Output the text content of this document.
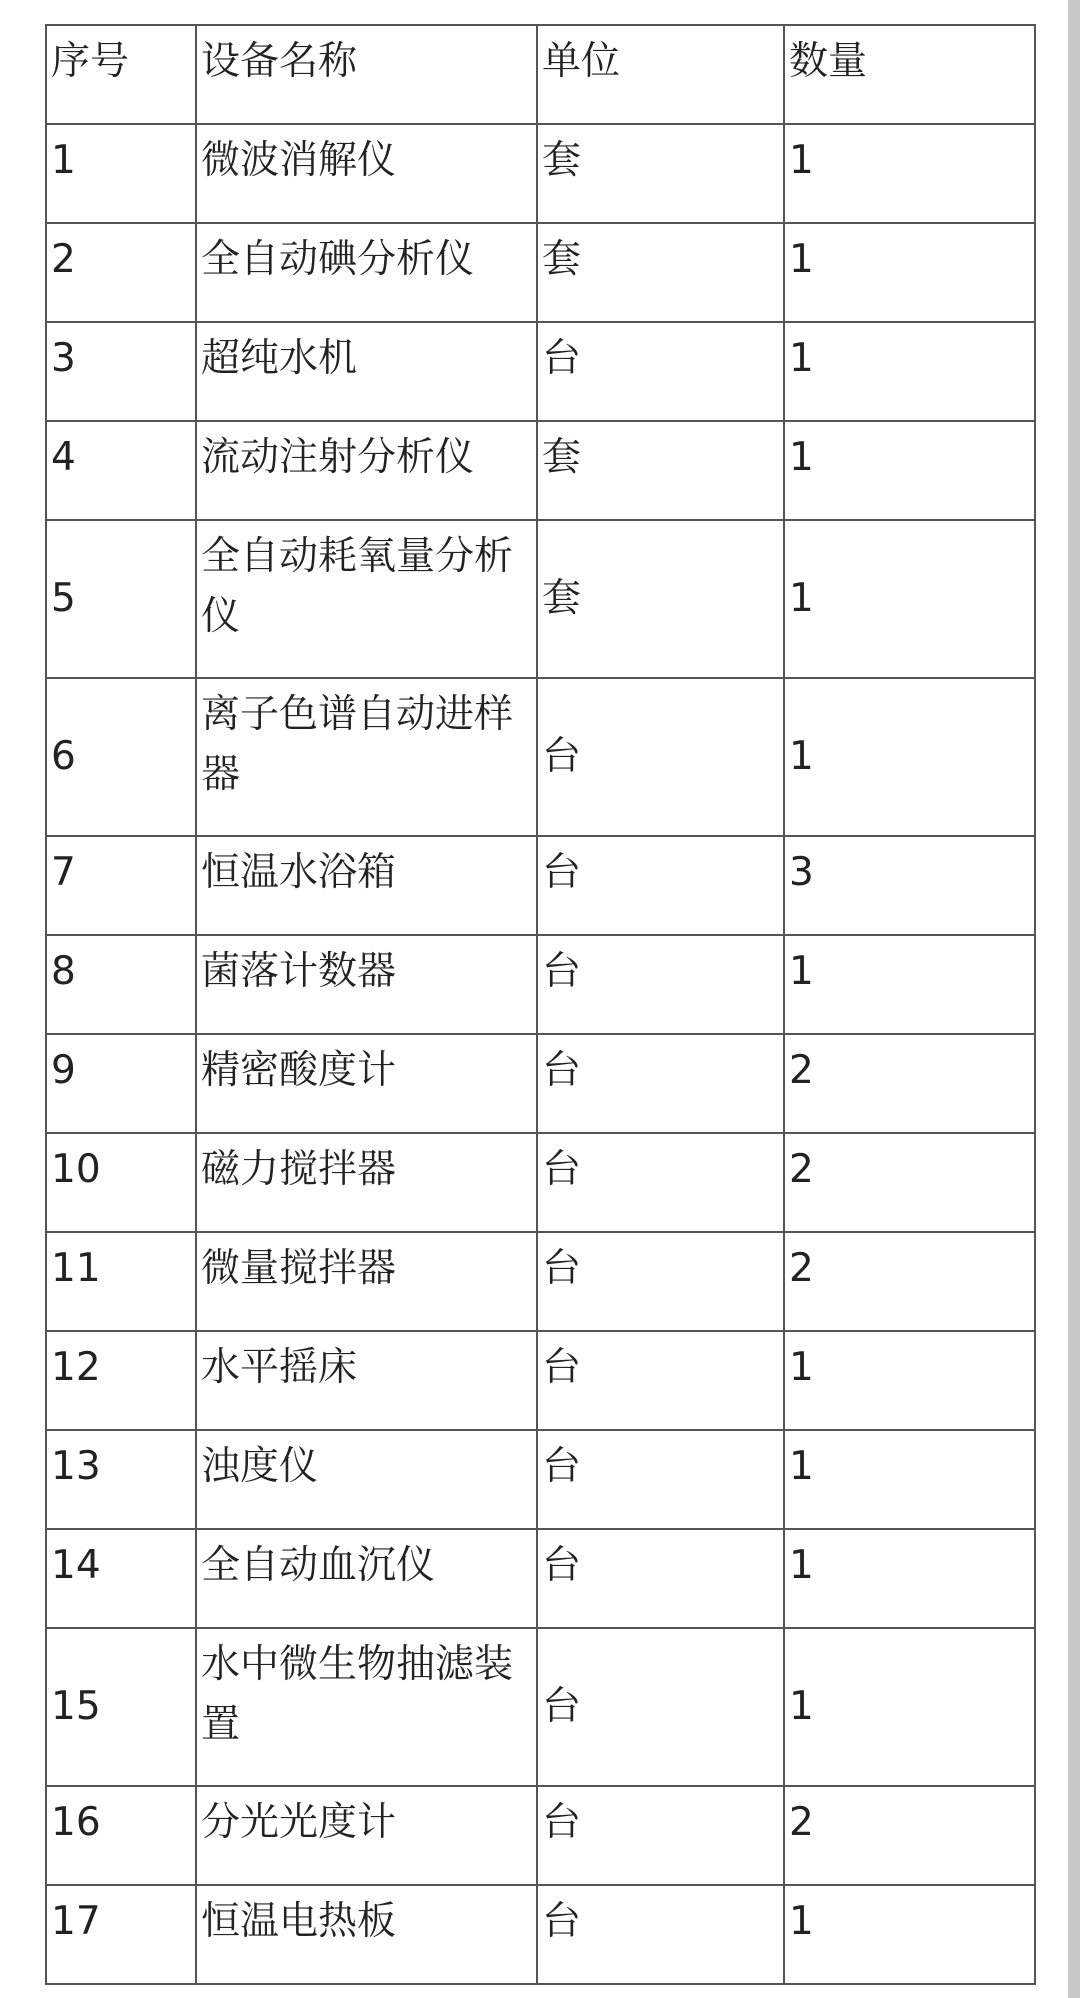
序号	设备名称	单位	数量
1	微波消解仪	套	1
2	全自动碘分析仪	套	1
3	超纯水机	台	1
4	流动注射分析仪	套	1
5	全自动耗氧量分析仪	套	1
6	离子色谱自动进样器	台	1
7	恒温水浴箱	台	3
8	菌落计数器	台	1
9	精密酸度计	台	2
10	磁力搅拌器	台	2
11	微量搅拌器	台	2
12	水平摇床	台	1
13	浊度仪	台	1
14	全自动血沉仪	台	1
15	水中微生物抽滤装置	台	1
16	分光光度计	台	2
17	恒温电热板	台	1
